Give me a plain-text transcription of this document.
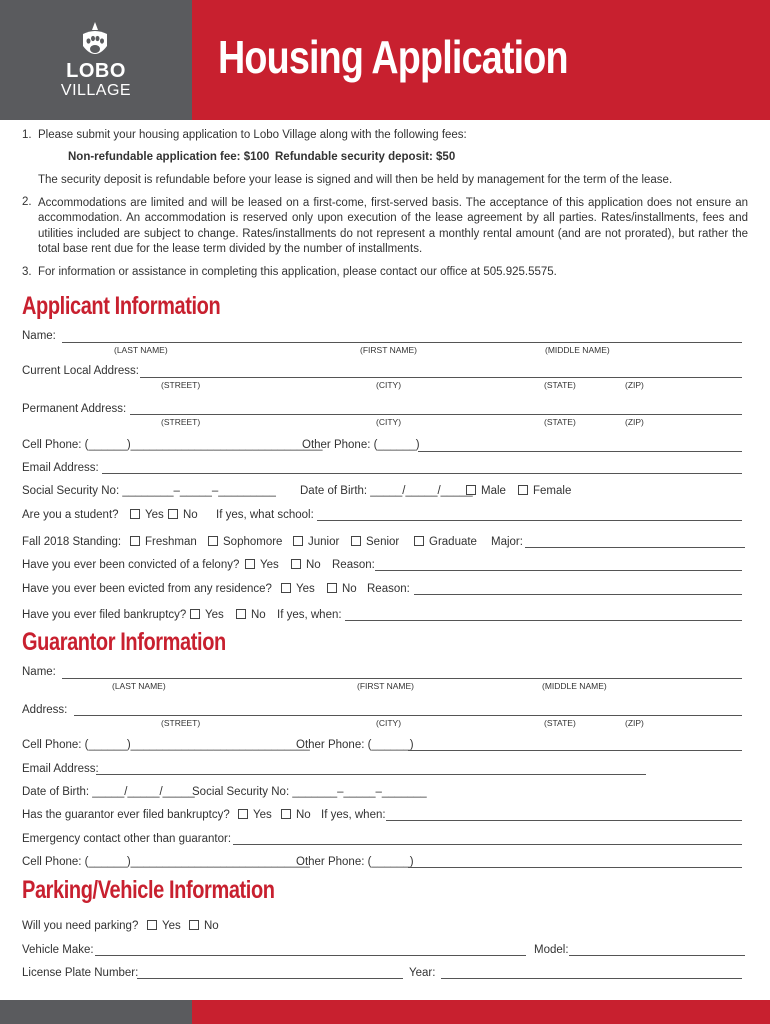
LOBO
VILLAGE
Housing Application
1. Please submit your housing application to Lobo Village along with the following fees:
Non-refundable application fee: $100 Refundable security deposit: $50
The security deposit is refundable before your lease is signed and will then be held by management for the term of the lease.
2. Accommodations are limited and will be leased on a first-come, first-served basis. The acceptance of this application does not ensure an accommodation. An accommodation is reserved only upon execution of the lease agreement by all parties. Rates/installments, fees and utilities included are subject to change. Rates/installments do not represent a monthly rental amount (and are not prorated), but rather the total base rent due for the lease term divided by the number of installments.
3. For information or assistance in completing this application, please contact our office at 505.925.5575.
Applicant Information
Name:
(LAST NAME)	(FIRST NAME)	(MIDDLE NAME)
Current Local Address:
(STREET)	(CITY)	(STATE)	(ZIP)
Permanent Address:
(STREET)	(CITY)	(STATE)	(ZIP)
Cell Phone: (______)______________________________
Other Phone: (______)
Email Address:
Social Security No: ________–_____–_________ Date of Birth: _____/_____/_____ Male	Female
Are you a student?	Yes	No If yes, what school:
Fall 2018 Standing:	Freshman	Sophomore	Junior	Senior	Graduate Major:
Have you ever been convicted of a felony?	Yes	No Reason:
Have you ever been evicted from any residence?	Yes	No Reason:
Have you ever filed bankruptcy?	Yes	No If yes, when:
Guarantor Information
Name:
(LAST NAME)	(FIRST NAME)	(MIDDLE NAME)
Address:
(STREET)	(CITY)	(STATE)	(ZIP)
Cell Phone: (______)____________________________
Other Phone: (______)
Email Address:
Date of Birth: _____/_____/_____
Social Security No: _______–_____–_______
Has the guarantor ever filed bankruptcy?	Yes	No If yes, when:
Emergency contact other than guarantor:
Cell Phone: (______)____________________________
Other Phone: (______)
Parking/Vehicle Information
Will you need parking?	Yes	No
Vehicle Make:	Model:
License Plate Number:	Year:
